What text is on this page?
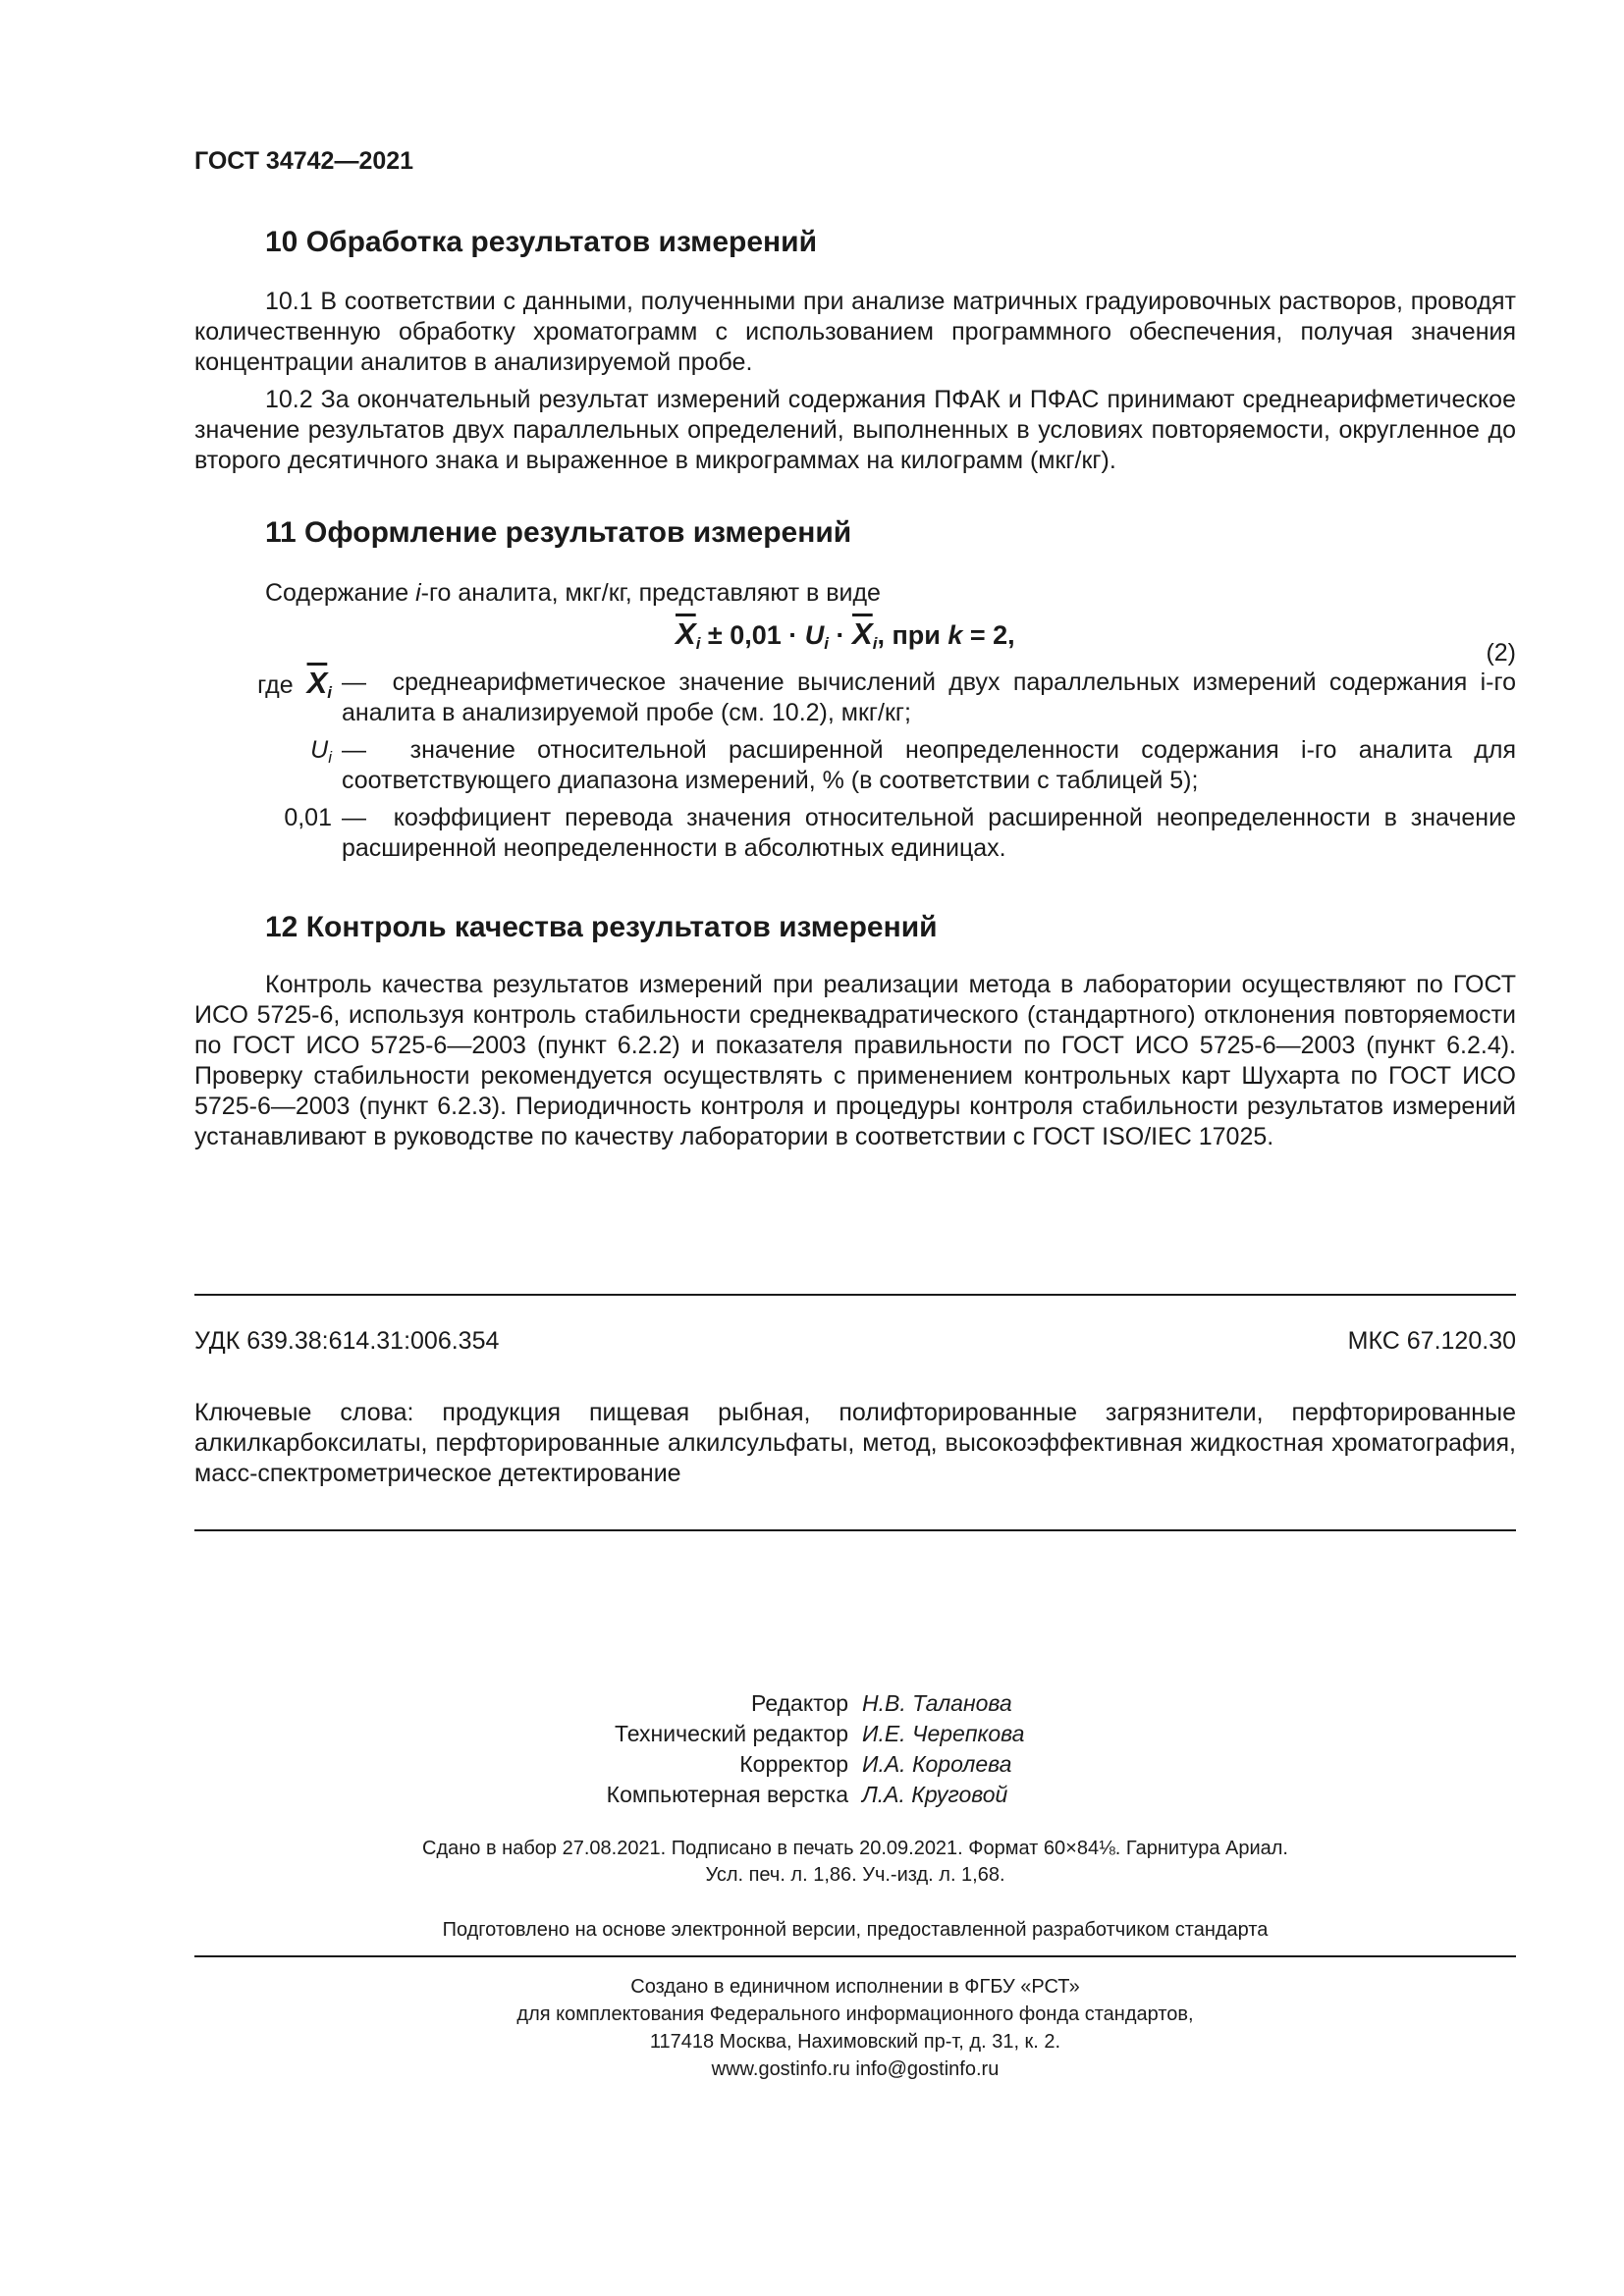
ГОСТ 34742—2021
10 Обработка результатов измерений

10.1 В соответствии с данными, полученными при анализе матричных градуировочных растворов, проводят количественную обработку хроматограмм с использованием программного обеспечения, получая значения концентрации аналитов в анализируемой пробе.

10.2 За окончательный результат измерений содержания ПФАК и ПФАС принимают среднеарифметическое значение результатов двух параллельных определений, выполненных в условиях повторяемости, округленное до второго десятичного знака и выраженное в микрограммах на килограмм (мкг/кг).

11 Оформление результатов измерений

Содержание i-го аналита, мкг/кг, представляют в виде

$\overline{X}_i \pm 0,01 \cdot U_i \cdot \overline{X}_i$, при k = 2,
(2)
где $\overline{X}_i$ — среднеарифметическое значение вычислений двух параллельных измерений содержания i-го аналита в анализируемой пробе (см. 10.2), мкг/кг;
$U_i$ — значение относительной расширенной неопределенности содержания i-го аналита для соответствующего диапазона измерений, % (в соответствии с таблицей 5);
0,01 — коэффициент перевода значения относительной расширенной неопределенности в значение расширенной неопределенности в абсолютных единицах.
12 Контроль качества результатов измерений

Контроль качества результатов измерений при реализации метода в лаборатории осуществляют по ГОСТ ИСО 5725-6, используя контроль стабильности среднеквадратического (стандартного) отклонения повторяемости по ГОСТ ИСО 5725-6—2003 (пункт 6.2.2) и показателя правильности по ГОСТ ИСО 5725-6—2003 (пункт 6.2.4). Проверку стабильности рекомендуется осуществлять с применением контрольных карт Шухарта по ГОСТ ИСО 5725-6—2003 (пункт 6.2.3). Периодичность контроля и процедуры контроля стабильности результатов измерений устанавливают в руководстве по качеству лаборатории в соответствии с ГОСТ ISO/IEC 17025.

УДК 639.38:614.31:006.354	МКС 67.120.30

Ключевые слова: продукция пищевая рыбная, полифторированные загрязнители, перфторированные алкилкарбоксилаты, перфторированные алкилсульфаты, метод, высокоэффективная жидкостная хроматография, масс-спектрометрическое детектирование

Редактор Н.В. Таланова
Технический редактор И.Е. Черепкова
Корректор И.А. Королева
Компьютерная верстка Л.А. Круговой
Сдано в набор 27.08.2021. Подписано в печать 20.09.2021. Формат 60×84⅛. Гарнитура Ариал.
Усл. печ. л. 1,86. Уч.-изд. л. 1,68.
Подготовлено на основе электронной версии, предоставленной разработчиком стандарта
Создано в единичном исполнении в ФГБУ «РСТ»
для комплектования Федерального информационного фонда стандартов,
117418 Москва, Нахимовский пр-т, д. 31, к. 2.
www.gostinfo.ru info@gostinfo.ru
